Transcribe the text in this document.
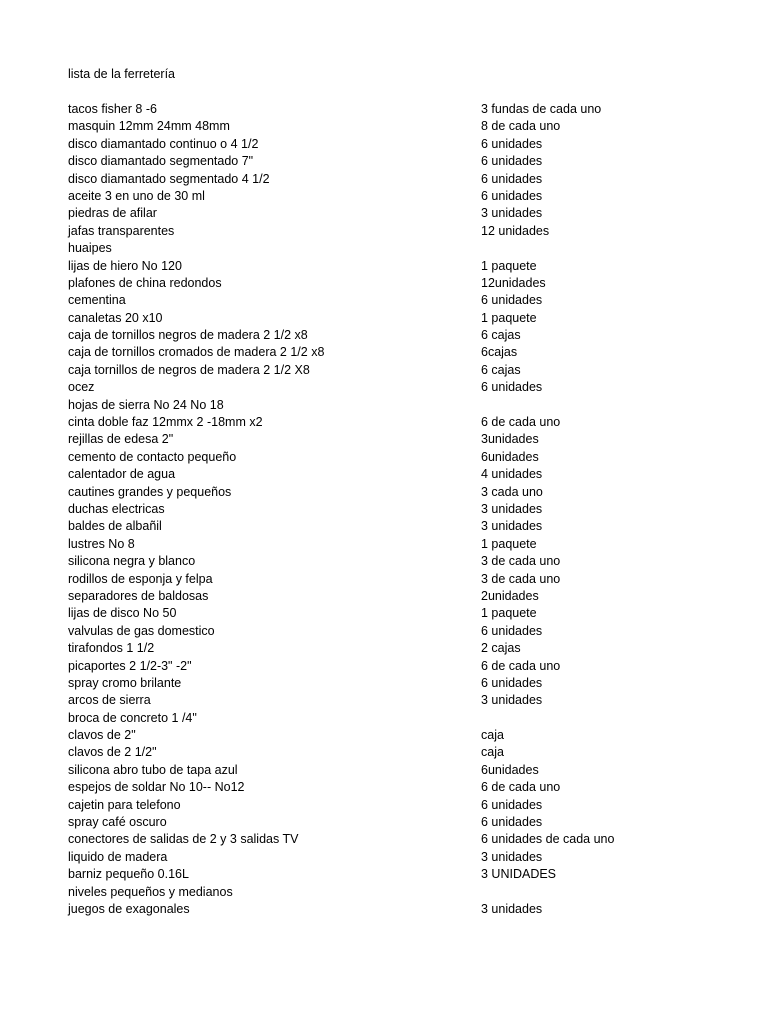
lista de la ferretería
tacos fisher 8 -6	3 fundas de cada uno
masquin 12mm 24mm 48mm	8 de cada uno
disco diamantado continuo o 4 1/2	6 unidades
disco diamantado segmentado 7"	6 unidades
disco diamantado segmentado 4 1/2	6 unidades
aceite 3 en uno de 30 ml	6 unidades
piedras de afilar	3 unidades
jafas transparentes	12 unidades
huaipes
lijas de hiero No 120	1 paquete
plafones de china redondos	12unidades
cementina	6 unidades
canaletas 20 x10	1 paquete
caja de tornillos negros de madera 2 1/2 x8	6 cajas
caja de tornillos cromados de madera 2 1/2 x8	6cajas
caja tornillos de negros de madera 2 1/2 X8	6 cajas
ocez	6 unidades
hojas de sierra No 24 No 18
cinta doble faz 12mmx 2 -18mm x2	6 de cada uno
rejillas de edesa 2"	3unidades
cemento de contacto pequeño	6unidades
calentador de agua	4 unidades
cautines grandes y pequeños	3 cada uno
duchas electricas	3 unidades
baldes de albañil	3 unidades
lustres No 8	1 paquete
silicona negra y blanco	3 de cada uno
rodillos de esponja y felpa	3 de cada uno
separadores de baldosas	2unidades
lijas de disco No 50	1 paquete
valvulas de gas domestico	6 unidades
tirafondos 1 1/2	2 cajas
picaportes 2 1/2-3" -2"	6 de cada uno
spray cromo brilante	6 unidades
arcos de sierra	3 unidades
broca de concreto 1 /4"
clavos de 2"	caja
clavos de 2 1/2"	caja
silicona abro tubo de tapa azul	6unidades
espejos de soldar No 10-- No12	6 de cada uno
cajetin para telefono	6 unidades
spray café oscuro	6 unidades
conectores de salidas de 2 y 3 salidas TV	6 unidades de cada uno
liquido de madera	3 unidades
barniz pequeño 0.16L	3 UNIDADES
niveles pequeños y medianos
juegos de exagonales	3 unidades
